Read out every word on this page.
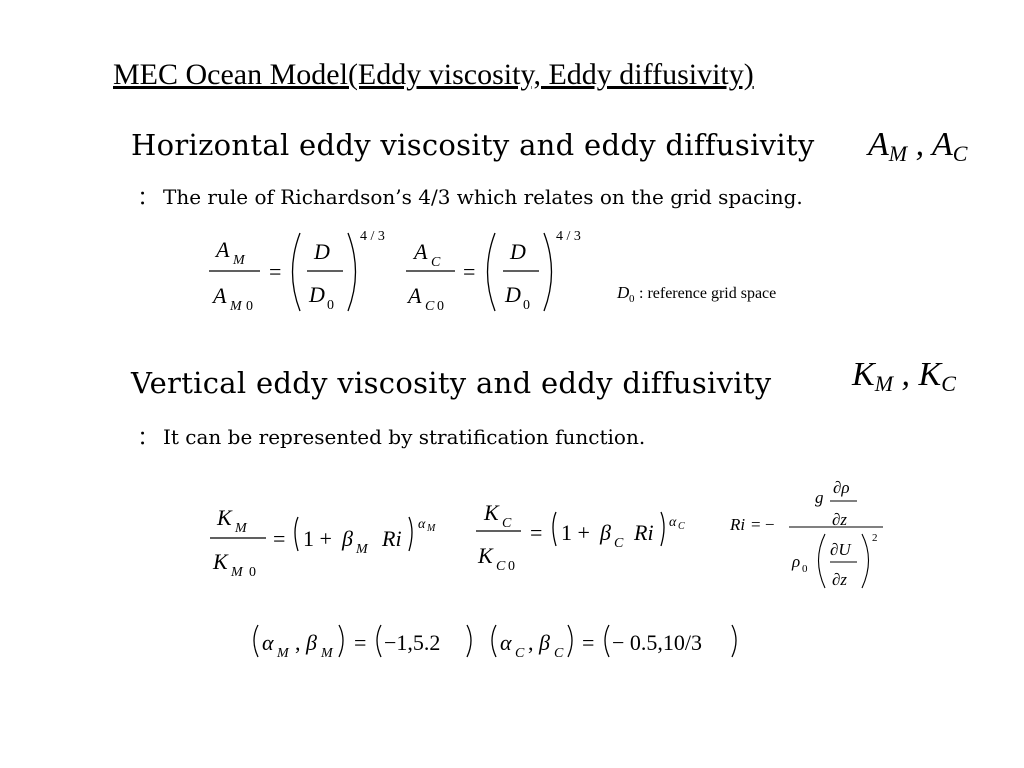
MEC Ocean Model(Eddy viscosity, Eddy diffusivity)
Horizontal eddy viscosity and eddy diffusivity $A_M$ , $A_C$
： The rule of Richardson’s 4/3 which relates on the grid spacing.
Vertical eddy viscosity and eddy diffusivity $K_M$ , $K_C$
： It can be represented by stratification function.
A M
A M 0
=
D
D 0
4 / 3
A C
A C 0
=
D
D 0
4 / 3
D 0 : reference grid space
K M
K M 0
= 1 + β M Ri
α M
K C
K C 0
= 1 + β C Ri α C	Ri = −
g
∂ρ
∂z
ρ 0
∂U
∂z
2
α M , β M = −1,5.2	α C , β C = − 0.5,10/3
